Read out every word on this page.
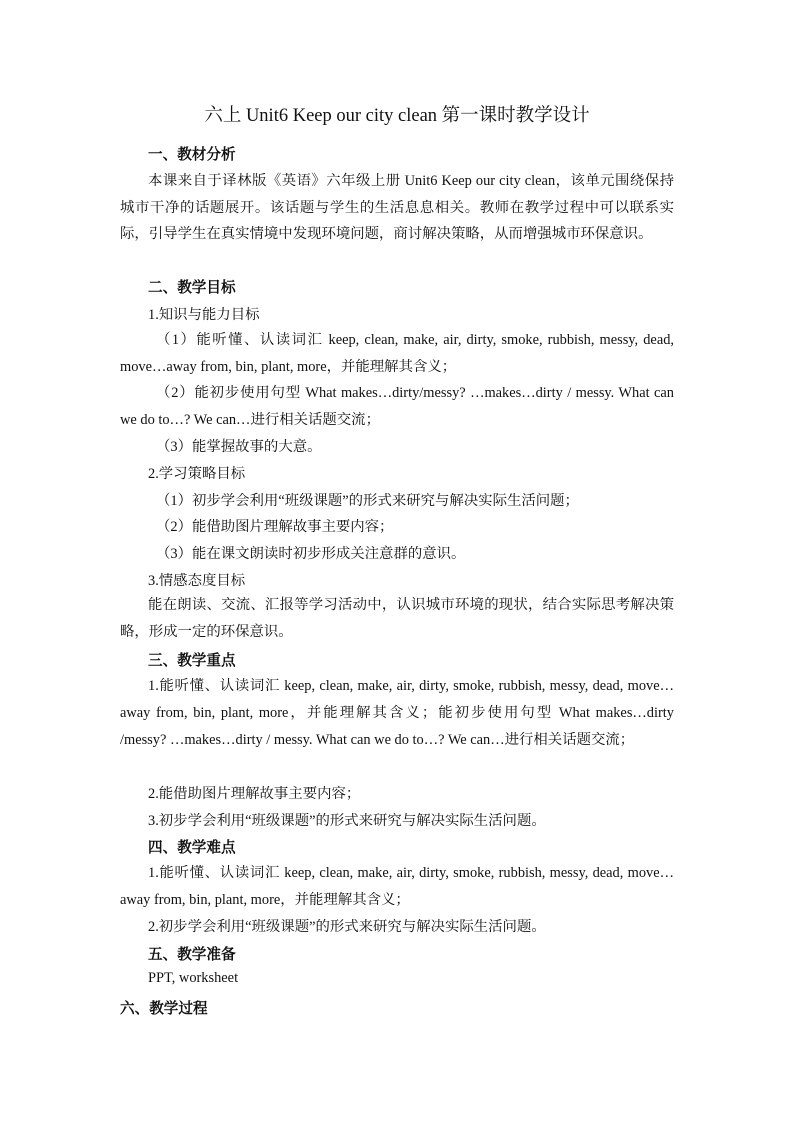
六上 Unit6 Keep our city clean 第一课时教学设计
一、教材分析
本课来自于译林版《英语》六年级上册 Unit6 Keep our city clean，该单元围绕保持城市干净的话题展开。该话题与学生的生活息息相关。教师在教学过程中可以联系实际，引导学生在真实情境中发现环境问题，商讨解决策略，从而增强城市环保意识。
二、教学目标
1.知识与能力目标
（1）能听懂、认读词汇 keep, clean, make, air, dirty, smoke, rubbish, messy, dead, move…away from, bin, plant, more，并能理解其含义；
（2）能初步使用句型 What makes…dirty/messy? …makes…dirty / messy. What can we do to…? We can…进行相关话题交流；
（3）能掌握故事的大意。
2.学习策略目标
（1）初步学会利用“班级课题”的形式来研究与解决实际生活问题；
（2）能借助图片理解故事主要内容；
（3）能在课文朗读时初步形成关注意群的意识。
3.情感态度目标
能在朗读、交流、汇报等学习活动中，认识城市环境的现状，结合实际思考解决策略，形成一定的环保意识。
三、教学重点
1.能听懂、认读词汇 keep, clean, make, air, dirty, smoke, rubbish, messy, dead, move…away from, bin, plant, more，并能理解其含义；能初步使用句型 What makes…dirty /messy? …makes…dirty / messy. What can we do to…? We can…进行相关话题交流；
2.能借助图片理解故事主要内容；
3.初步学会利用“班级课题”的形式来研究与解决实际生活问题。
四、教学难点
1.能听懂、认读词汇 keep, clean, make, air, dirty, smoke, rubbish, messy, dead, move…away from, bin, plant, more，并能理解其含义；
2.初步学会利用“班级课题”的形式来研究与解决实际生活问题。
五、教学准备
PPT, worksheet
六、教学过程
